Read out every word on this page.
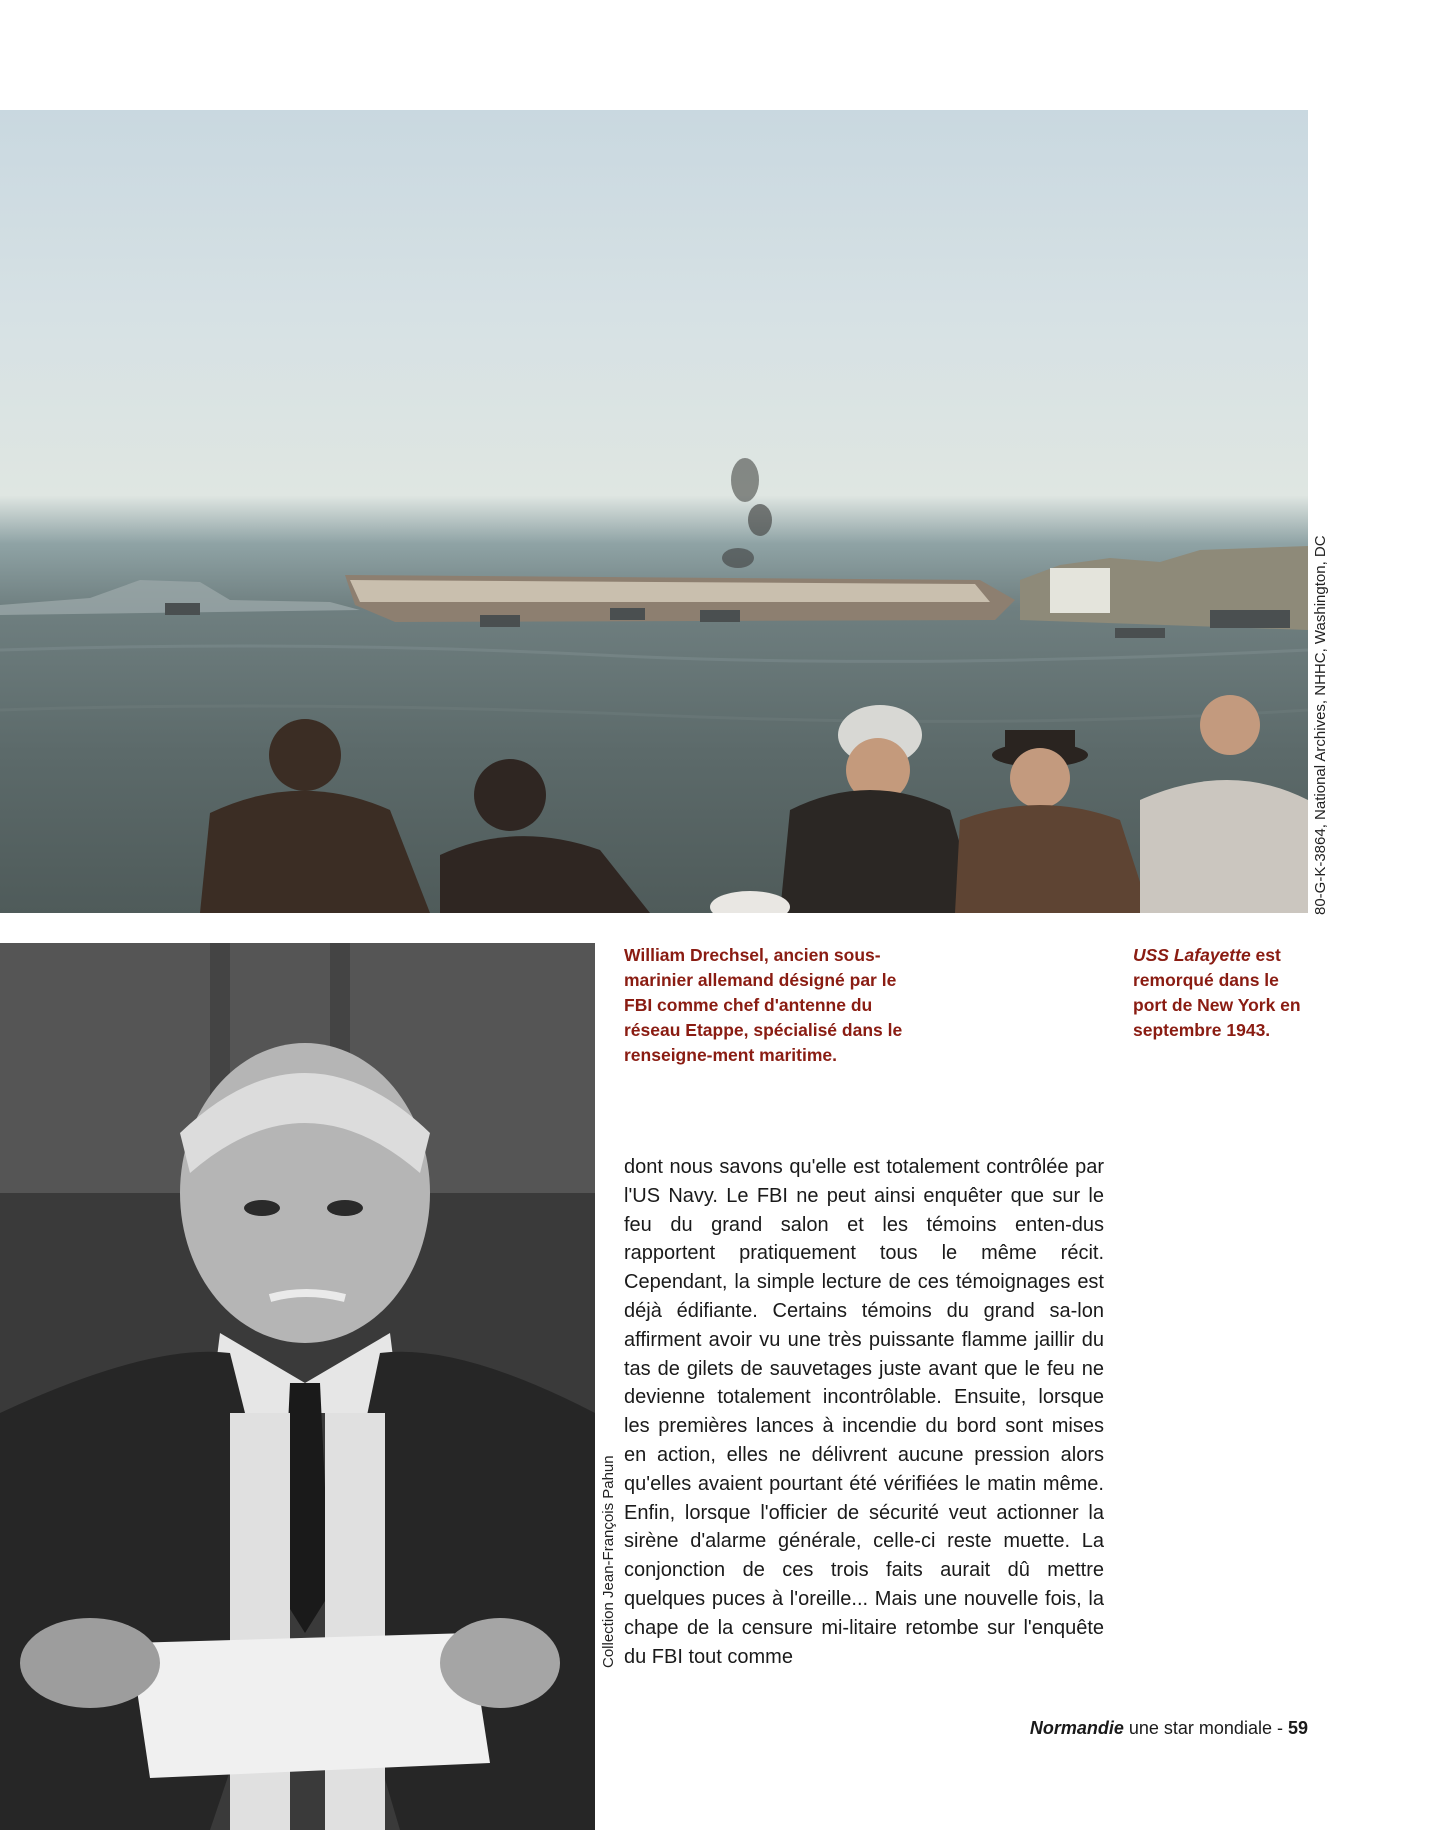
80-G-K-3864, National Archives, NHHC, Washington, DC
Collection Jean-François Pahun
William Drechsel, ancien sous-marinier allemand désigné par le FBI comme chef d'antenne du réseau Etappe, spécialisé dans le renseigne-ment maritime.
USS Lafayette est remorqué dans le port de New York en septembre 1943.
dont nous savons qu'elle est totalement contrôlée par l'US Navy. Le FBI ne peut ainsi enquêter que sur le feu du grand salon et les témoins enten-dus rapportent pratiquement tous le même récit. Cependant, la simple lecture de ces témoignages est déjà édifiante. Certains témoins du grand sa-lon affirment avoir vu une très puissante flamme jaillir du tas de gilets de sauvetages juste avant que le feu ne devienne totalement incontrôlable. Ensuite, lorsque les premières lances à incendie du bord sont mises en action, elles ne délivrent aucune pression alors qu'elles avaient pourtant été vérifiées le matin même. Enfin, lorsque l'officier de sécurité veut actionner la sirène d'alarme générale, celle-ci reste muette. La conjonction de ces trois faits aurait dû mettre quelques puces à l'oreille... Mais une nouvelle fois, la chape de la censure mi-litaire retombe sur l'enquête du FBI tout comme
Normandie une star mondiale - 59
